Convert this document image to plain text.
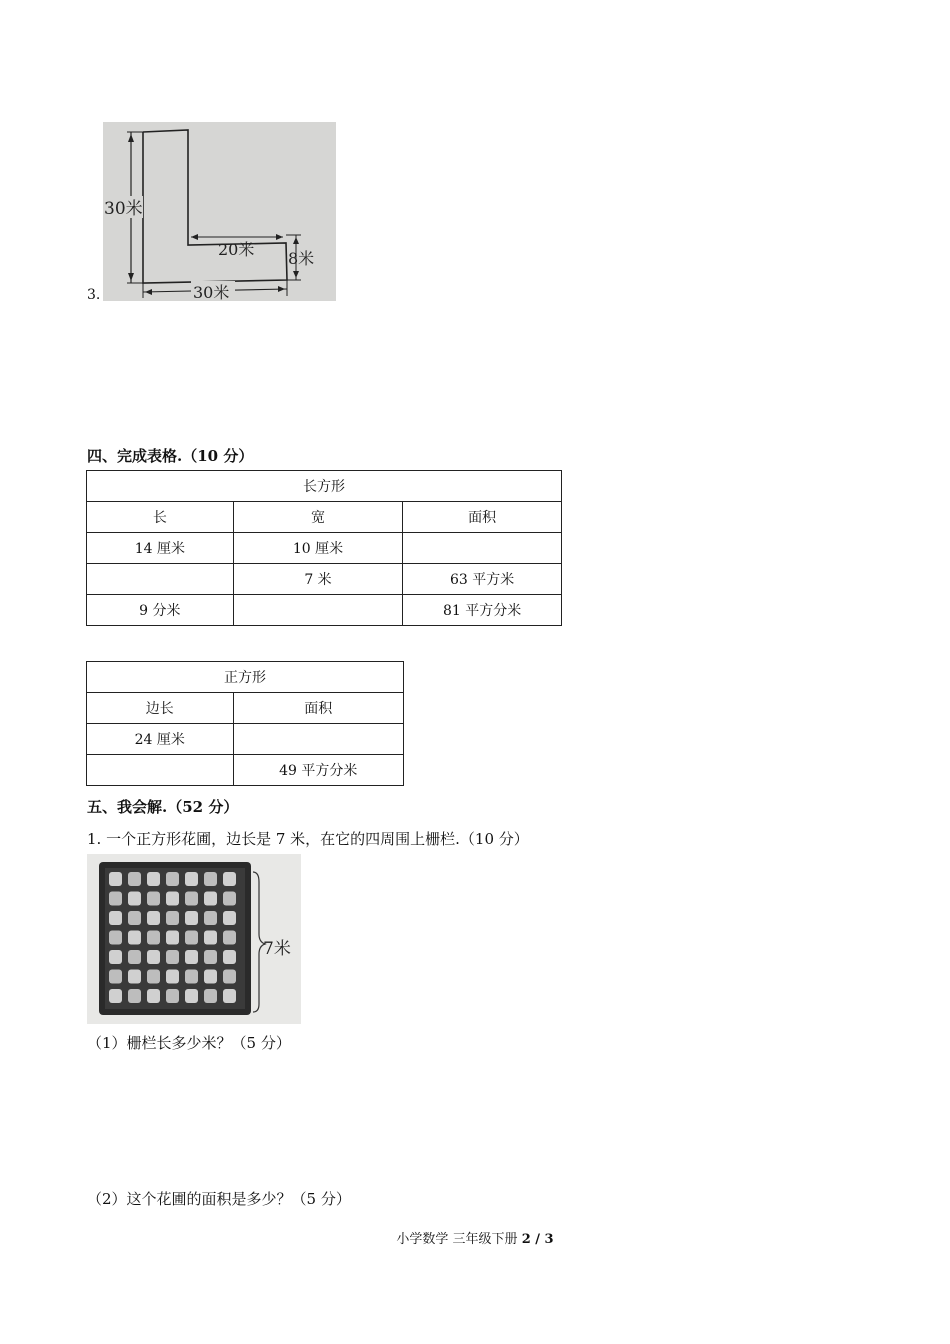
3.
30米
20米 8米
30米
四、完成表格.（10 分）
长方形		
长	宽	面积
14 厘米	10 厘米	
	7 米	63 平方米
9 分米		81 平方分米
正方形	
边长	面积
24 厘米	
	49 平方分米
五、我会解.（52 分）
1. 一个正方形花圃，边长是 7 米，在它的四周围上栅栏.（10 分）
7米
（1）栅栏长多少米？（5 分）
（2）这个花圃的面积是多少？（5 分）
小学数学 三年级下册 2 / 3
